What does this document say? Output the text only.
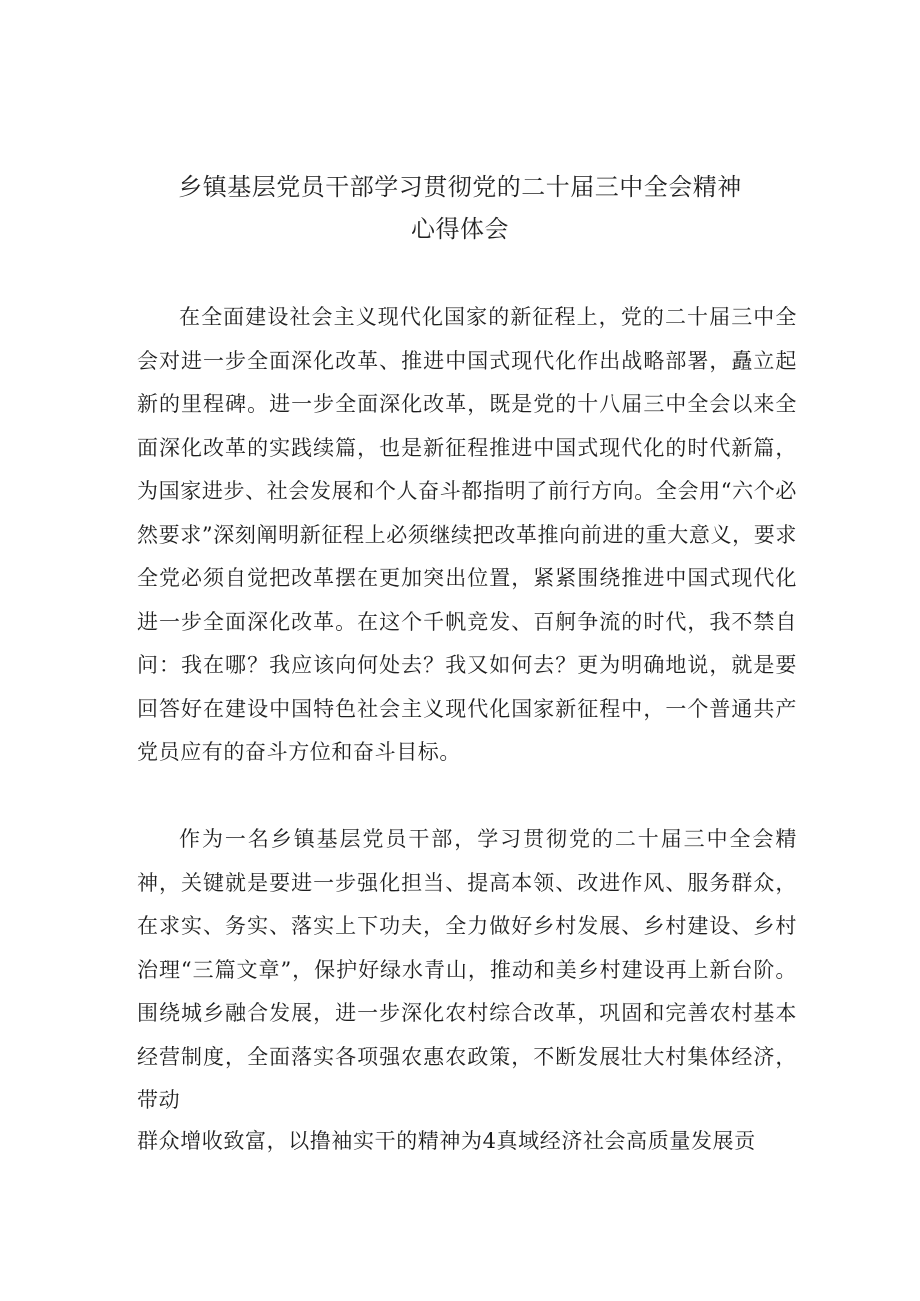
乡镇基层党员干部学习贯彻党的二十届三中全会精神
心得体会

在全面建设社会主义现代化国家的新征程上，党的二十届三中全会对进一步全面深化改革、推进中国式现代化作出战略部署，矗立起新的里程碑。进一步全面深化改革，既是党的十八届三中全会以来全面深化改革的实践续篇，也是新征程推进中国式现代化的时代新篇，为国家进步、社会发展和个人奋斗都指明了前行方向。全会用“六个必然要求”深刻阐明新征程上必须继续把改革推向前进的重大意义，要求全党必须自觉把改革摆在更加突出位置，紧紧围绕推进中国式现代化进一步全面深化改革。在这个千帆竞发、百舸争流的时代，我不禁自问：我在哪？我应该向何处去？我又如何去？更为明确地说，就是要回答好在建设中国特色社会主义现代化国家新征程中，一个普通共产党员应有的奋斗方位和奋斗目标。

作为一名乡镇基层党员干部，学习贯彻党的二十届三中全会精神，关键就是要进一步强化担当、提高本领、改进作风、服务群众，在求实、务实、落实上下功夫，全力做好乡村发展、乡村建设、乡村治理“三篇文章”，保护好绿水青山，推动和美乡村建设再上新台阶。围绕城乡融合发展，进一步深化农村综合改革，巩固和完善农村基本经营制度，全面落实各项强农惠农政策，不断发展壮大村集体经济，带动

群众增收致富，以撸袖实干的精神为4真域经济社会高质量发展贡
